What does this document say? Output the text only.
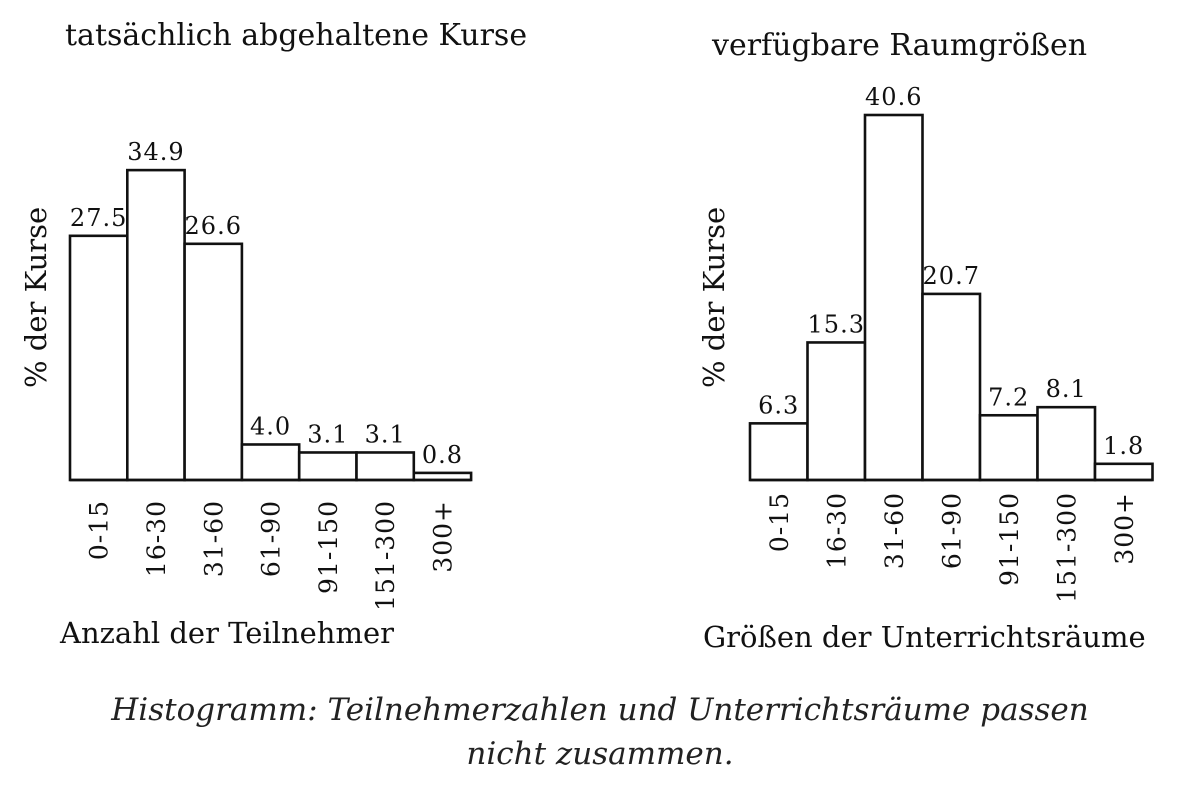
tatsächlich abgehaltene Kurse
Anzahl der Teilnehmer
% der Kurse 27.5
0-15
34.9
16-30
26.6
31-60
4.0
61-90
3.1
91-150
3.1
151-300
0.8
300+
verfügbare Raumgrößen
Größen der Unterrichtsräume
% der Kurse
6.3
0-15
15.3
16-30
40.6
31-60
20.7
61-90
7.2
91-150
8.1
151-300
1.8
300+
Histogramm: Teilnehmerzahlen und Unterrichtsräume passen
nicht zusammen.
